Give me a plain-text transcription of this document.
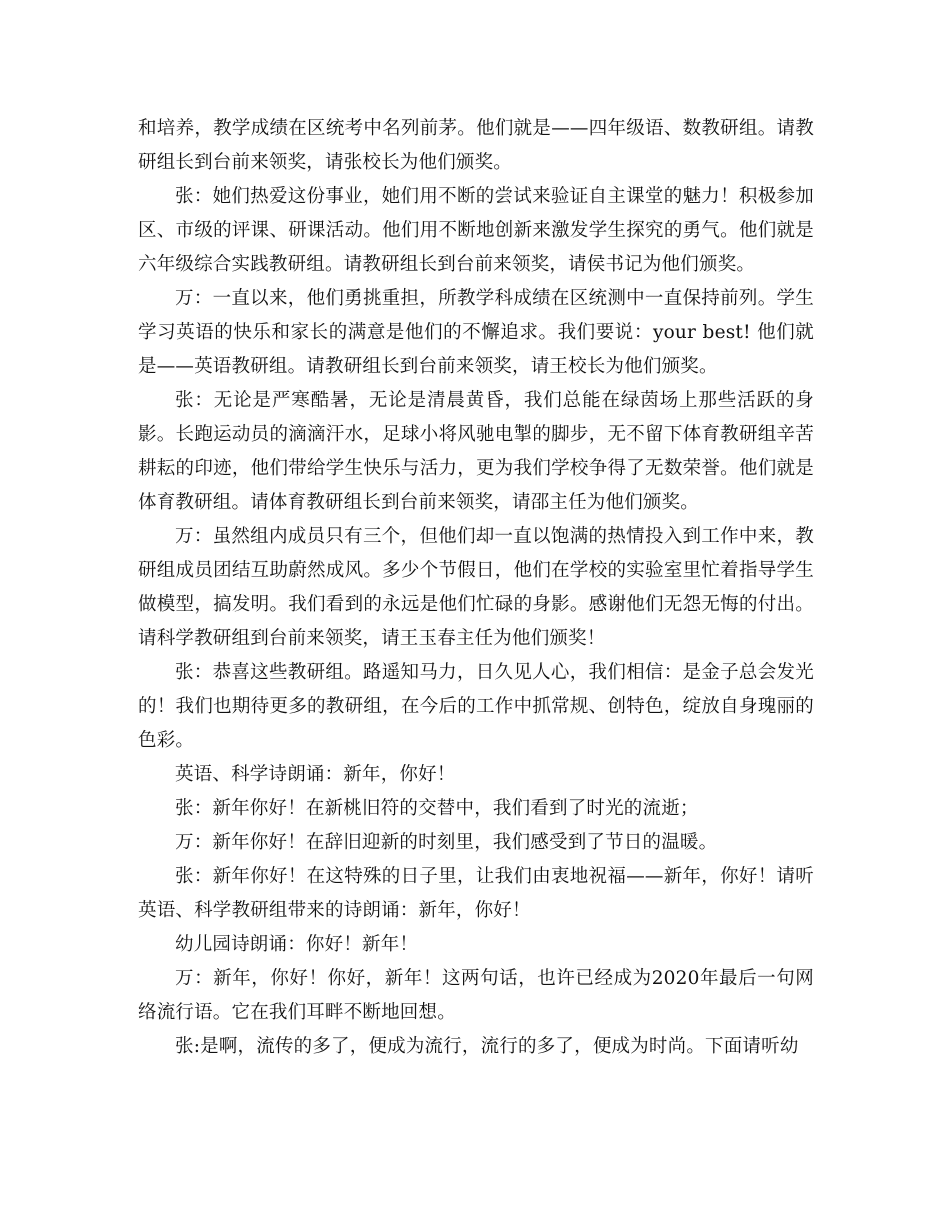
和培养，教学成绩在区统考中名列前茅。他们就是——四年级语、数教研组。请教研组长到台前来领奖，请张校长为他们颁奖。

张：她们热爱这份事业，她们用不断的尝试来验证自主课堂的魅力！积极参加区、市级的评课、研课活动。他们用不断地创新来激发学生探究的勇气。他们就是六年级综合实践教研组。请教研组长到台前来领奖，请侯书记为他们颁奖。

万：一直以来，他们勇挑重担，所教学科成绩在区统测中一直保持前列。学生学习英语的快乐和家长的满意是他们的不懈追求。我们要说：your best! 他们就是——英语教研组。请教研组长到台前来领奖，请王校长为他们颁奖。

张：无论是严寒酷暑，无论是清晨黄昏，我们总能在绿茵场上那些活跃的身影。长跑运动员的滴滴汗水，足球小将风驰电掣的脚步，无不留下体育教研组辛苦耕耘的印迹，他们带给学生快乐与活力，更为我们学校争得了无数荣誉。他们就是体育教研组。请体育教研组长到台前来领奖，请邵主任为他们颁奖。

万：虽然组内成员只有三个，但他们却一直以饱满的热情投入到工作中来，教研组成员团结互助蔚然成风。多少个节假日，他们在学校的实验室里忙着指导学生做模型，搞发明。我们看到的永远是他们忙碌的身影。感谢他们无怨无悔的付出。请科学教研组到台前来领奖，请王玉春主任为他们颁奖！

张：恭喜这些教研组。路遥知马力，日久见人心，我们相信：是金子总会发光的！我们也期待更多的教研组，在今后的工作中抓常规、创特色，绽放自身瑰丽的色彩。

英语、科学诗朗诵：新年，你好！

张：新年你好！在新桃旧符的交替中，我们看到了时光的流逝；

万：新年你好！在辞旧迎新的时刻里，我们感受到了节日的温暖。

张：新年你好！在这特殊的日子里，让我们由衷地祝福——新年，你好！请听英语、科学教研组带来的诗朗诵：新年，你好！

幼儿园诗朗诵：你好！新年！

万：新年，你好！你好，新年！这两句话，也许已经成为2020年最后一句网络流行语。它在我们耳畔不断地回想。

张:是啊，流传的多了，便成为流行，流行的多了，便成为时尚。下面请听幼
